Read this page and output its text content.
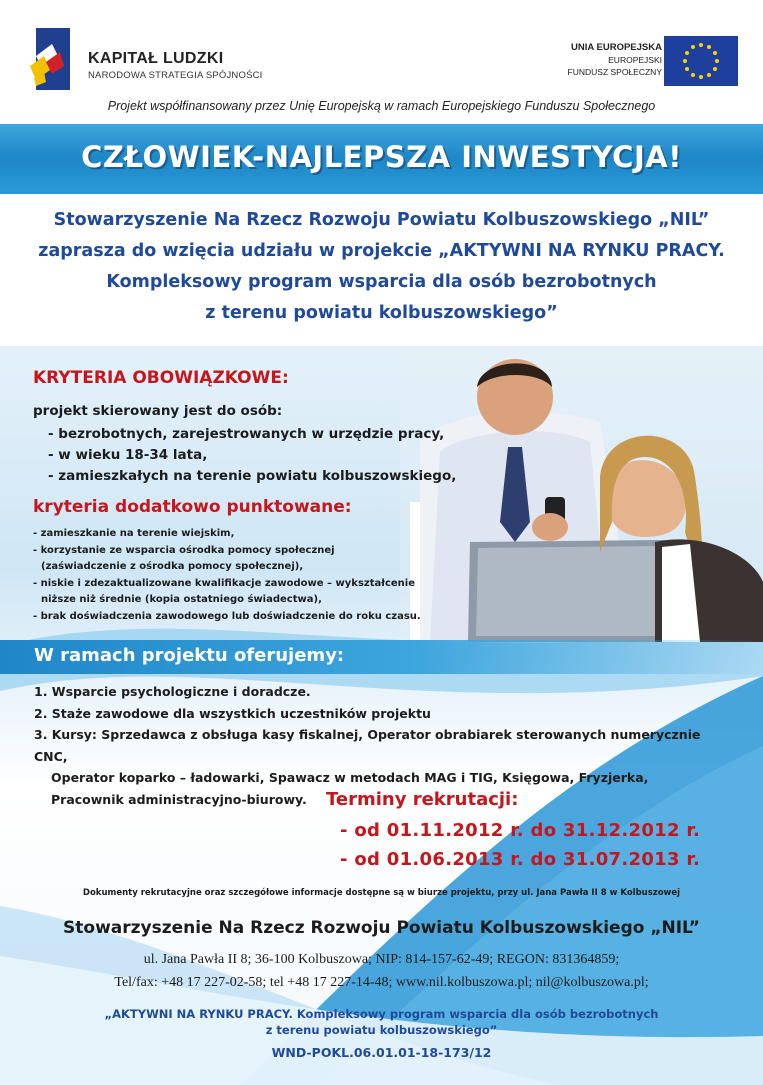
KAPITAŁ LUDZKI
NARODOWA STRATEGIA SPÓJNOŚCI
UNIA EUROPEJSKA
EUROPEJSKI
FUNDUSZ SPOŁECZNY
Projekt współfinansowany przez Unię Europejską w ramach Europejskiego Funduszu Społecznego
CZŁOWIEK-NAJLEPSZA INWESTYCJA!
Stowarzyszenie Na Rzecz Rozwoju Powiatu Kolbuszowskiego „NIL”
zaprasza do wzięcia udziału w projekcie „AKTYWNI NA RYNKU PRACY.
Kompleksowy program wsparcia dla osób bezrobotnych
z terenu powiatu kolbuszowskiego”
KRYTERIA OBOWIĄZKOWE:
projekt skierowany jest do osób:
- bezrobotnych, zarejestrowanych w urzędzie pracy,
- w wieku 18-34 lata,
- zamieszkałych na terenie powiatu kolbuszowskiego,
kryteria dodatkowo punktowane:
- zamieszkanie na terenie wiejskim,
- korzystanie ze wsparcia ośrodka pomocy społecznej
(zaświadczenie z ośrodka pomocy społecznej),
- niskie i zdezaktualizowane kwalifikacje zawodowe – wykształcenie
niższe niż średnie (kopia ostatniego świadectwa),
- brak doświadczenia zawodowego lub doświadczenie do roku czasu.
W ramach projektu oferujemy:
1. Wsparcie psychologiczne i doradcze.
2. Staże zawodowe dla wszystkich uczestników projektu
3. Kursy: Sprzedawca z obsługa kasy fiskalnej, Operator obrabiarek sterowanych numerycznie CNC,
Operator koparko – ładowarki, Spawacz w metodach MAG i TIG, Księgowa, Fryzjerka,
Pracownik administracyjno-biurowy.	Terminy rekrutacji:
- od 01.11.2012 r. do 31.12.2012 r.
- od 01.06.2013 r. do 31.07.2013 r.
Dokumenty rekrutacyjne oraz szczegółowe informacje dostępne są w biurze projektu, przy ul. Jana Pawła II 8 w Kolbuszowej
Stowarzyszenie Na Rzecz Rozwoju Powiatu Kolbuszowskiego „NIL”
ul. Jana Pawła II 8; 36-100 Kolbuszowa; NIP: 814-157-62-49; REGON: 831364859;
Tel/fax: +48 17 227-02-58; tel +48 17 227-14-48; www.nil.kolbuszowa.pl; nil@kolbuszowa.pl;
„AKTYWNI NA RYNKU PRACY. Kompleksowy program wsparcia dla osób bezrobotnych
z terenu powiatu kolbuszowskiego”
WND-POKL.06.01.01-18-173/12
